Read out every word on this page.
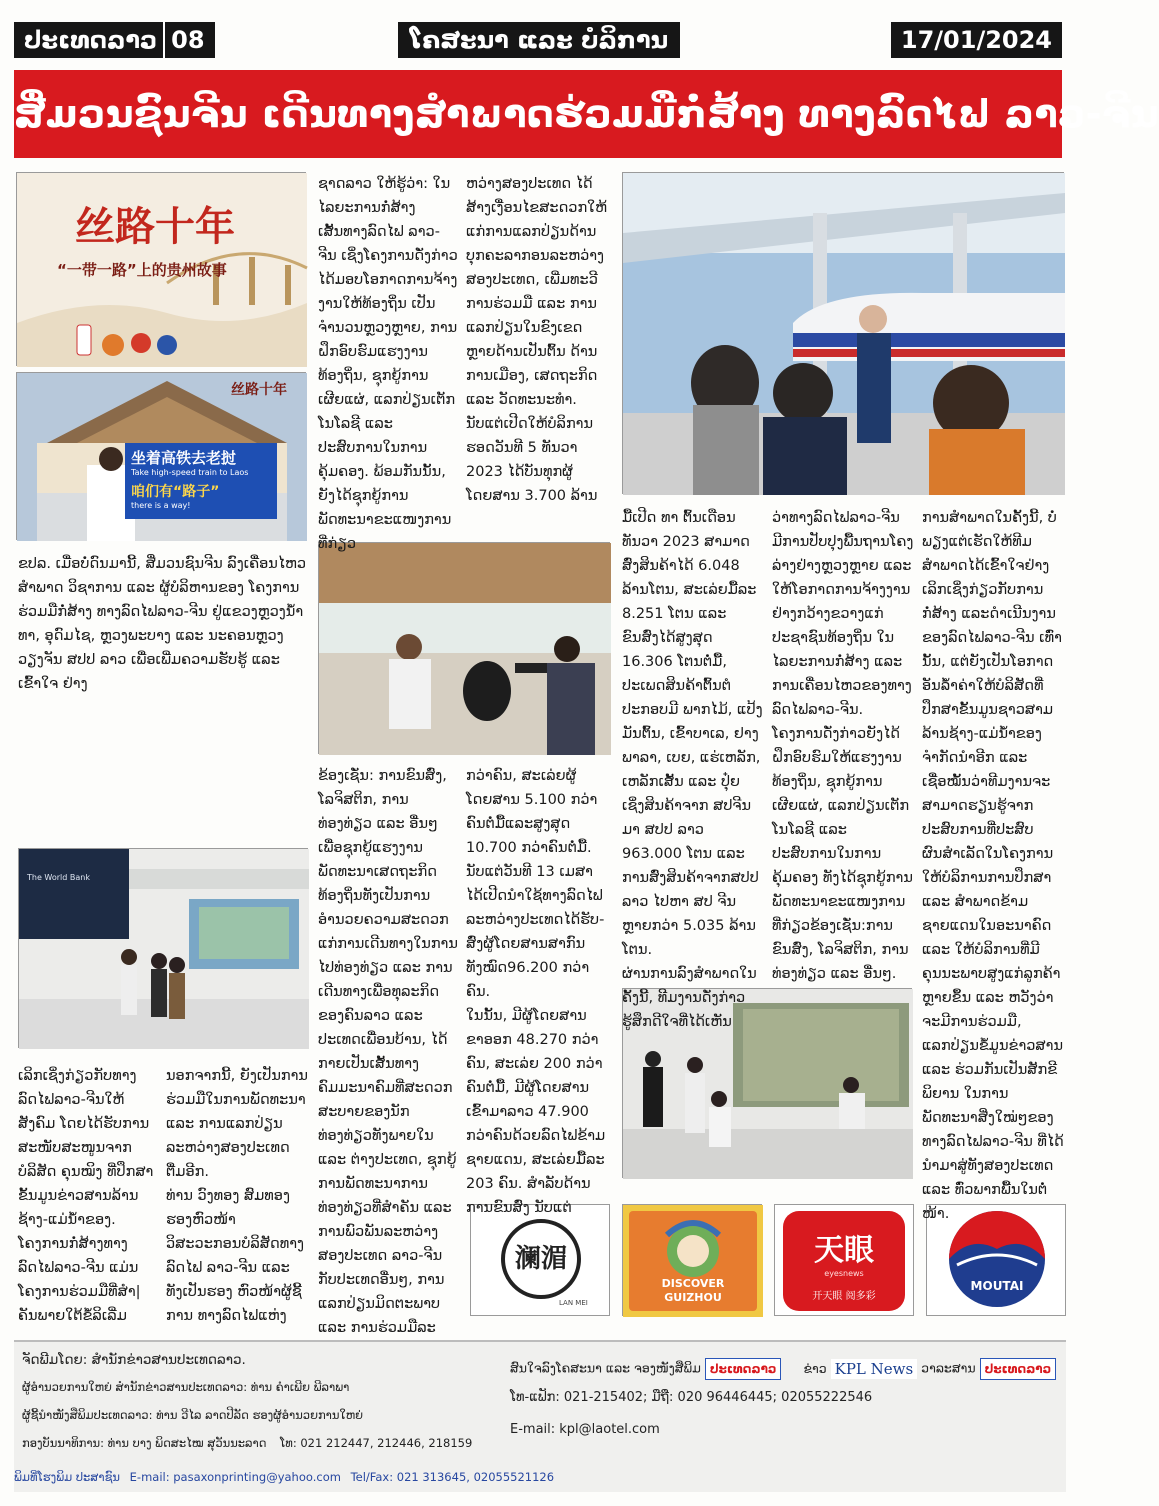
ປະເທດລາວ 08	ໂຄສະນາ ແລະ ບໍລິການ	17/01/2024
ສື່ມວນຊົນຈີນ ເດີນທາງສຳພາດຮ່ວມມືກໍ່ສ້າງ ທາງລົດໄຟ ລາວ-ຈີນ
丝路十年
“一带一路”上的贵州故事
丝路十年
坐着高铁去老挝
Take high-speed train to Laos
咱们有“路子”
there is a way!
The World Bank
澜湄
LAN MEI
DISCOVER
GUIZHOU
天眼
eyesnews
开天眼 阅多彩
MOUTAI

ຂປລ. ເມື່ອບໍ່ດົນມານີ້, ສື່ມວນຊົນຈີນ ລົງເຄື່ອນໄຫວສຳພາດ ວິຊາການ ແລະ ຜູ້ບໍລິຫານຂອງ ໂຄງການຮ່ວມມືກໍ່ສ້າງ ທາງລົດໄຟລາວ-ຈີນ ຢູ່ແຂວງຫຼວງນ້ຳທາ, ອຸດົມໄຊ, ຫຼວງພະບາງ ແລະ ນະຄອນຫຼວງວຽງຈັນ ສປປ ລາວ ເພື່ອເພີ່ມຄວາມຮັບຮູ້ ແລະ ເຂົ້າໃຈ ຢ່າງ

ເລິກເຊິ່ງກ່ຽວກັບທາງລົດໄຟລາວ-ຈີນໃຫ້ສັງຄົມ ໂດຍໄດ້ຮັບການສະໜັບສະໜູນຈາກ ບໍລິສັດ ຄຸນໝິງ ທີ່ປຶກສາຂັ້ນມູນຂ່າວສານລ້ານຊ້າງ-ແມ່ນ້ຳຂອງ.

ໂຄງການກໍ່ສ້າງທາງລົດໄຟລາວ-ຈີນ ແມ່ນໂຄງການຮ່ວມມືທີ່ສຳ|ຄັນພາຍໃຕ້ຂໍ້ລິເລີ່ມ

ນອກຈາກນີ້, ຍັງເປັນການຮ່ວມມືໃນການພັດທະນາ ແລະ ການແລກປ່ຽນລະຫວ່າງສອງປະເທດຕື່ມອີກ.

ທ່ານ ວົງທອງ ສົມທອງ ຮອງຫົວໜ້າວິສະວະກອນບໍລິສັດທາງລົດໄຟ ລາວ-ຈີນ ແລະ ທັງເປັນຮອງ ຫົວໜ້າຜູ້ຊີ້ການ ທາງລົດໄຟແຫ່ງ

ຊາດລາວ ໃຫ້ຮູ້ວ່າ: ໃນໄລຍະການກໍ່ສ້າງເສັ້ນທາງລົດໄຟ ລາວ-ຈີນ ເຊິ່ງໂຄງການດັ່ງກ່າວ ໄດ້ມອບໂອກາດການຈ້າງງານໃຫ້ທ້ອງຖິ່ນ ເປັນຈຳນວນຫຼວງຫຼາຍ, ການຝຶກອົບຮົມແຮງງານທ້ອງຖິ່ນ, ຊຸກຍູ້ການເຜີຍແຜ່, ແລກປ່ຽນເຕັກໂນໂລຊີ ແລະ ປະສົບການໃນການຄຸ້ມຄອງ. ພ້ອມກັນນັ້ນ, ຍັງໄດ້ຊຸກຍູ້ການພັດທະນາຂະແໜງການທີ່ກ່ຽວ

ຫວ່າງສອງປະເທດ ໄດ້ສ້າງເງື່ອນໄຂສະດວກໃຫ້ແກ່ການແລກປ່ຽນດ້ານບຸກຄະລາກອນລະຫວ່າງສອງປະເທດ, ເພີ່ມທະວີການຮ່ວມມື ແລະ ການແລກປ່ຽນໃນຂົງເຂດຫຼາຍດ້ານເປັນຕົ້ນ ດ້ານການເມືອງ, ເສດຖະກິດ ແລະ ວັດທະນະທຳ.

ນັບແຕ່ເປີດໃຫ້ບໍລິການຮອດວັນທີ 5 ທັນວາ 2023 ໄດ້ບັນທຸກຜູ້ໂດຍສານ 3.700 ລ້ານ

ຂ້ອງເຊັ່ນ: ການຂົນສົ່ງ, ໂລຈິສຕິກ, ການທ່ອງທ່ຽວ ແລະ ອື່ນໆ ເພື່ອຊຸກຍູ້ແຮງງານພັດທະນາເສດຖະກິດທ້ອງຖິ່ນທັງເປັນການອຳນວຍຄວາມສະດວກແກ່ການເດີນທາງໃນການໄປທ່ອງທ່ຽວ ແລະ ການເດີນທາງເພື່ອທຸລະກິດຂອງຄົນລາວ ແລະ ປະເທດເພື່ອນບ້ານ, ໄດ້ກາຍເປັນເສັ້ນທາງຄົມມະນາຄົມທີ່ສະດວກສະບາຍຂອງນັກທ່ອງທ່ຽວທັງພາຍໃນ ແລະ ຕ່າງປະເທດ, ຊຸກຍູ້ການພັດທະນາການທ່ອງທ່ຽວທີ່ສຳຄັນ ແລະ ການພົວພັນລະຫວ່າງສອງປະເທດ ລາວ-ຈີນ ກັບປະເທດອື່ນໆ, ການແລກປ່ຽນມິດຕະພາບ ແລະ ການຮ່ວມມືລະ

ກວ່າຄົນ, ສະເລ່ຍຜູ້ໂດຍສານ 5.100 ກວ່າຄົນຕໍ່ມື້ແລະສູງສຸດ 10.700 ກວ່າຄົນຕໍ່ມື້. ນັບແຕ່ວັນທີ 13 ເມສາ ໄດ້ເປີດນຳໃຊ້ທາງລົດໄຟລະຫວ່າງປະເທດໄດ້ຮັບ-ສົ່ງຜູ້ໂດຍສານສາກົນທັງໝົດ96.200 ກວ່າຄົນ.

ໃນນັ້ນ, ມີຜູ້ໂດຍສານຂາອອກ 48.270 ກວ່າຄົນ, ສະເລ່ຍ 200 ກວ່າຄົນຕໍ່ມື້, ມີຜູ້ໂດຍສານເຂົ້າມາລາວ 47.900 ກວ່າຄົນດ້ວຍລົດໄຟຂ້າມຊາຍແດນ, ສະເລ່ຍມື້ລະ 203 ຄົນ. ສຳລັບດ້ານການຂົນສົ່ງ ນັບແຕ່

ມື້ເປີດ ທາ ຕົ້ນເດືອນທັນວາ 2023 ສາມາດສົ່ງສິນຄ້າໄດ້ 6.048 ລ້ານໂຕນ, ສະເລ່ຍມື້ລະ 8.251 ໂຕນ ແລະ ຂົນສົ່ງໄດ້ສູງສຸດ 16.306 ໂຕນຕໍ່ມື້, ປະເພດສິນຄ້າຕົ້ນຕໍປະກອບມີ ພາກໄມ້, ແປ້ງມັນຕົ້ນ, ເຂົ້າບາເລ, ຢາງພາລາ, ເບຍ, ແຮ່ເຫລັກ, ເຫລັກເສັ້ນ ແລະ ປຸ໋ຍ ເຊິ່ງສິນຄ້າຈາກ ສປຈີນມາ ສປປ ລາວ 963.000 ໂຕນ ແລະ ການສົ່ງສິນຄ້າຈາກສປປ ລາວ ໄປຫາ ສປ ຈີນ ຫຼາຍກວ່າ 5.035 ລ້ານໂຕນ.

ຜ່ານການລົງສຳພາດໃນຄັ້ງນີ້, ທີມງານດັ່ງກ່າວ ຮູ້ສຶກດີໃຈທີ່ໄດ້ເຫັນ

ວ່າທາງລົດໄຟລາວ-ຈີນ ມີການປັບປຸງພື້ນຖານໂຄງລ່າງຢ່າງຫຼວງຫຼາຍ ແລະ ໃຫ້ໂອກາດການຈ້າງງານຢ່າງກວ້າງຂວາງແກ່ປະຊາຊົນທ້ອງຖິ່ນ ໃນໄລຍະການກໍ່ສ້າງ ແລະການເຄື່ອນໄຫວຂອງທາງລົດໄຟລາວ-ຈີນ.

ໂຄງການດັ່ງກ່າວຍັງໄດ້ຝຶກອົບຮົມໃຫ້ແຮງງານທ້ອງຖິ່ນ, ຊຸກຍູ້ການເຜີຍແຜ່, ແລກປ່ຽນເຕັກໂນໂລຊີ ແລະ ປະສົບການໃນການຄຸ້ມຄອງ ທັງໄດ້ຊຸກຍູ້ການພັດທະນາຂະແໜງການທີ່ກ່ຽວຂ້ອງເຊັ່ນ:ການຂົນສົ່ງ, ໂລຈິສຕິກ, ການທ່ອງທ່ຽວ ແລະ ອື່ນໆ.

ການສຳພາດໃນຄັ້ງນີ້, ບໍ່ພຽງແຕ່ເຮັດໃຫ້ທີມສຳພາດໄດ້ເຂົ້າໃຈຢ່າງເລິກເຊິ່ງກ່ຽວກັບການກໍ່ສ້າງ ແລະດຳເນີນງານຂອງລົດໄຟລາວ-ຈີນ ເທົ່ານັ້ນ, ແຕ່ຍັງເປັນໂອກາດອັນລ້ຳຄ່າໃຫ້ບໍລິສັດທີ່ປຶກສາຂັ້ນມູນຊາວສາມລ້ານຊ້າງ-ແມ່ນ້ຳຂອງ ຈຳກັດນຳອີກ ແລະ ເຊື່ອໝັ້ນວ່າທີມງານຈະສາມາດຮຽນຮູ້ຈາກປະສົບການທີ່ປະສົບຜົນສຳເລັດໃນໂຄງການໃຫ້ບໍລິການການປຶກສາ ແລະ ສຳພາດຂ້າມຊາຍແດນໃນອະນາຄົດ ແລະ ໃຫ້ບໍລິການທີ່ມີຄຸນນະພາບສູງແກ່ລູກຄ້າຫຼາຍຂຶ້ນ ແລະ ຫວັງວ່າຈະມີການຮ່ວມມື, ແລກປ່ຽນຂໍ້ມູນຂ່າວສານແລະ ຮ່ວມກັນເປັນສັກຂີພິຍານ ໃນການພັດທະນາສີ່ງໃໝ່ໆຂອງທາງລົດໄຟລາວ-ຈີນ ທີ່ໄດ້ນຳມາສູ່ທັງສອງປະເທດ ແລະ ທົ່ວພາກພື້ນໃນຕໍ່ໜ້າ.

ຈັດພີມໂດຍ: ສຳນັກຂ່າວສານປະເທດລາວ.
ຜູ້ອຳນວຍການໃຫຍ່ ສຳນັກຂ່າວສານປະເທດລາວ: ທ່ານ ຄຳເພີຍ ພີລາພາ
ຜູ້ຊີ້ນຳໜັງສືພິມປະເທດລາວ: ທ່ານ ວີໄລ ລາດປີລັດ ຮອງຜູ້ອຳນວຍການໃຫຍ່
ກອງບັນນາທິການ: ທ່ານ ບາງ ພິດສະໄໝ ສຸວັນນະລາດ ໂທ: 021 212447, 212446, 218159
ສົນໃຈລົງໂຄສະນາ ແລະ ຈອງໜັງສືພິມ ປະເທດລາວ ຂ່າວ KPL News ວາລະສານ ປະເທດລາວ
ໂທ-ແຟັກ: 021-215402; ມືຖື: 020 96446445; 02055222546
E-mail: kpl@laotel.com
ພິມທີ່ໂຮງພິມ ປະສາຊົນ E-mail: pasaxonprinting@yahoo.com Tel/Fax: 021 313645, 02055521126
